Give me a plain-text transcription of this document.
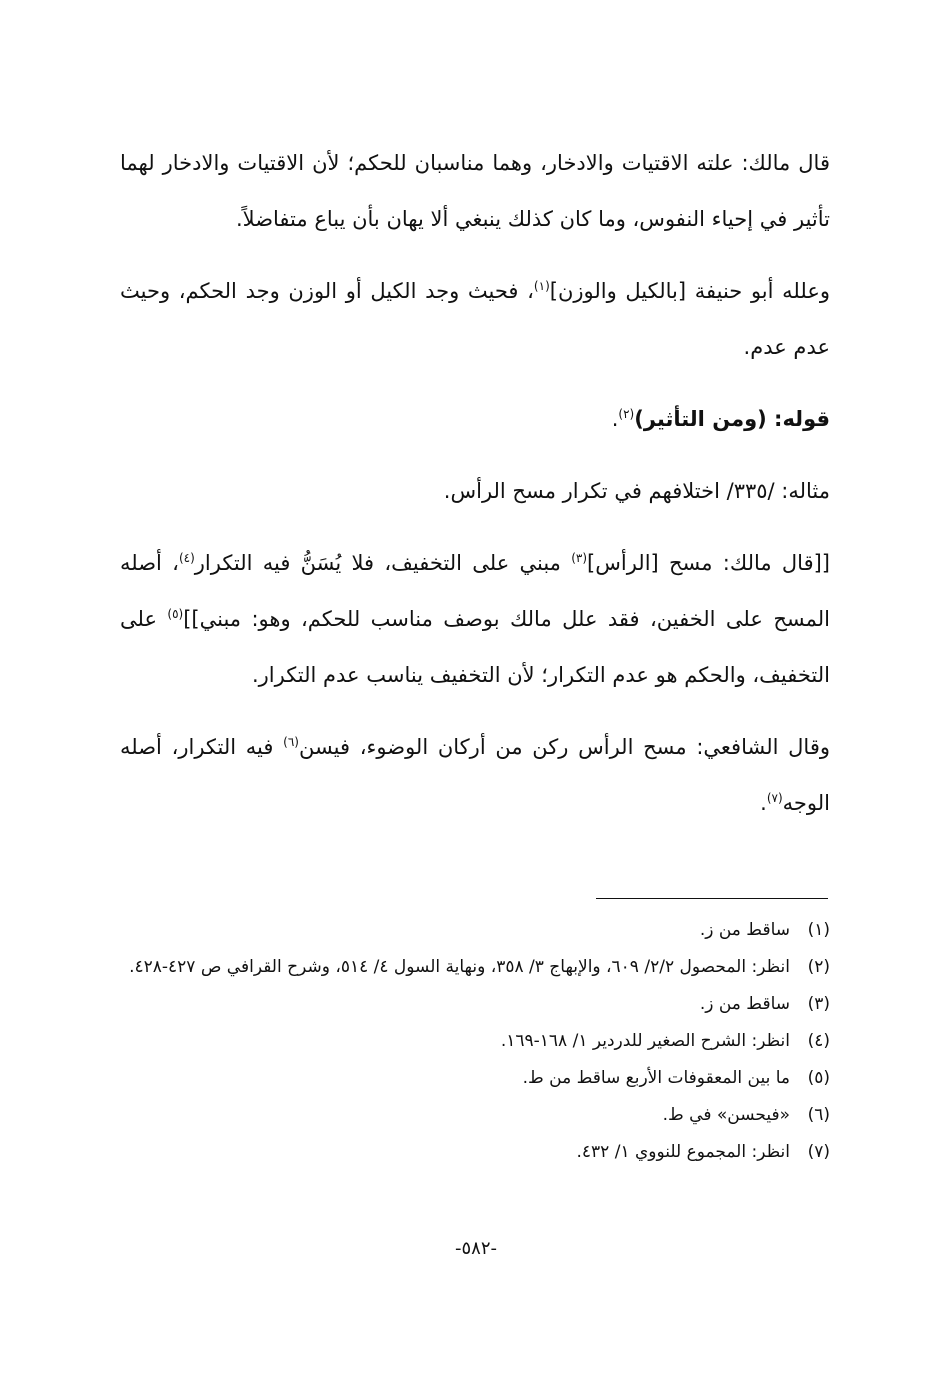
قال مالك: علته الاقتيات والادخار، وهما مناسبان للحكم؛ لأن الاقتيات والادخار لهما تأثير في إحياء النفوس، وما كان كذلك ينبغي ألا يهان بأن يباع متفاضلاً.

وعلله أبو حنيفة [بالكيل والوزن]$^{(١)}$، فحيث وجد الكيل أو الوزن وجد الحكم، وحيث عدم عدم.

قوله: (ومن التأثير)$^{(٢)}$.

مثاله: /٣٣٥/ اختلافهم في تكرار مسح الرأس.

[[قال مالك: مسح [الرأس]$^{(٣)}$ مبني على التخفيف، فلا يُسَنُّ فيه التكرار$^{(٤)}$، أصله المسح على الخفين، فقد علل مالك بوصف مناسب للحكم، وهو: مبني]]$^{(٥)}$ على التخفيف، والحكم هو عدم التكرار؛ لأن التخفيف يناسب عدم التكرار.

وقال الشافعي: مسح الرأس ركن من أركان الوضوء، فيسن$^{(٦)}$ فيه التكرار، أصله الوجه$^{(٧)}$.

(١)
ساقط من ز.
(٢)
انظر: المحصول ٢/٢/ ٦٠٩، والإبهاج ٣/ ٣٥٨، ونهاية السول ٤/ ٥١٤، وشرح القرافي ص ٤٢٧-٤٢٨.
(٣)
ساقط من ز.
(٤)
انظر: الشرح الصغير للدردير ١/ ١٦٨-١٦٩.
(٥)
ما بين المعقوفات الأربع ساقط من ط.
(٦)
«فيحسن» في ط.
(٧)
انظر: المجموع للنووي ١/ ٤٣٢.
-٥٨٢-
